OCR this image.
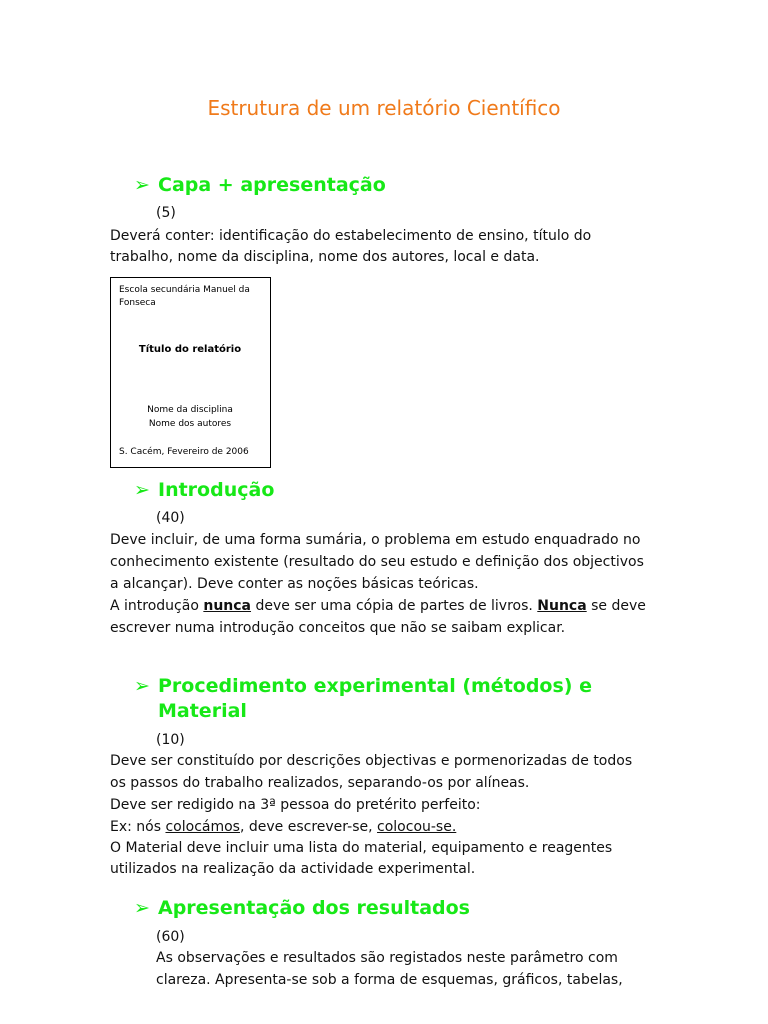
Estrutura de um relatório Científico
➢ Capa + apresentação
(5)
Deverá conter: identificação do estabelecimento de ensino, título do
trabalho, nome da disciplina, nome dos autores, local e data.
Escola secundária Manuel da Fonseca
Título do relatório
Nome da disciplina
Nome dos autores
S. Cacém, Fevereiro de 2006
➢ Introdução
(40)
Deve incluir, de uma forma sumária, o problema em estudo enquadrado no
conhecimento existente (resultado do seu estudo e definição dos objectivos
a alcançar). Deve conter as noções básicas teóricas.
A introdução nunca deve ser uma cópia de partes de livros. Nunca se deve
escrever numa introdução conceitos que não se saibam explicar.
➢ Procedimento experimental (métodos) e
Material
(10)
Deve ser constituído por descrições objectivas e pormenorizadas de todos
os passos do trabalho realizados, separando-os por alíneas.
Deve ser redigido na 3ª pessoa do pretérito perfeito:
Ex: nós colocámos, deve escrever-se, colocou-se.
O Material deve incluir uma lista do material, equipamento e reagentes
utilizados na realização da actividade experimental.
➢ Apresentação dos resultados
(60)
As observações e resultados são registados neste parâmetro com
clareza. Apresenta-se sob a forma de esquemas, gráficos, tabelas,
